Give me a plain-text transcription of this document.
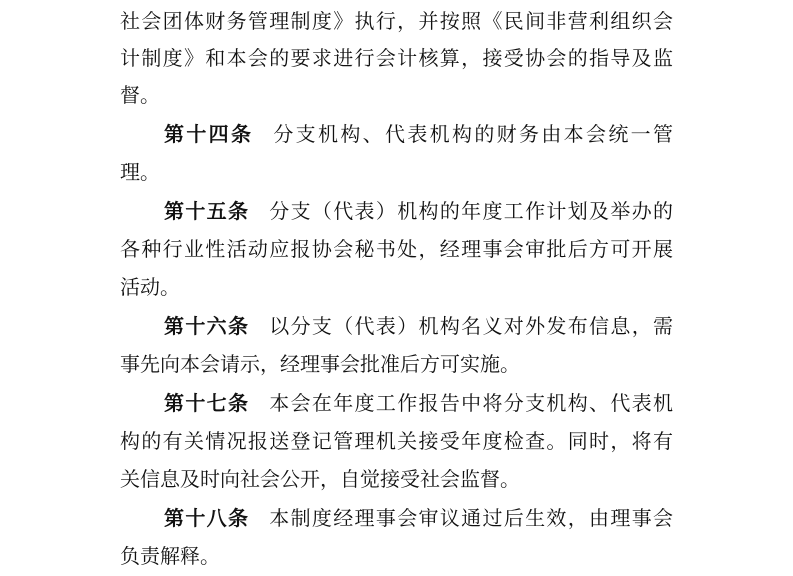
社会团体财务管理制度》执行，并按照《民间非营利组织会
计制度》和本会的要求进行会计核算，接受协会的指导及监
督。
第十四条 分支机构、代表机构的财务由本会统一管
理。
第十五条 分支（代表）机构的年度工作计划及举办的
各种行业性活动应报协会秘书处，经理事会审批后方可开展
活动。
第十六条 以分支（代表）机构名义对外发布信息，需
事先向本会请示，经理事会批准后方可实施。
第十七条 本会在年度工作报告中将分支机构、代表机
构的有关情况报送登记管理机关接受年度检查。同时，将有
关信息及时向社会公开，自觉接受社会监督。
第十八条 本制度经理事会审议通过后生效，由理事会
负责解释。
